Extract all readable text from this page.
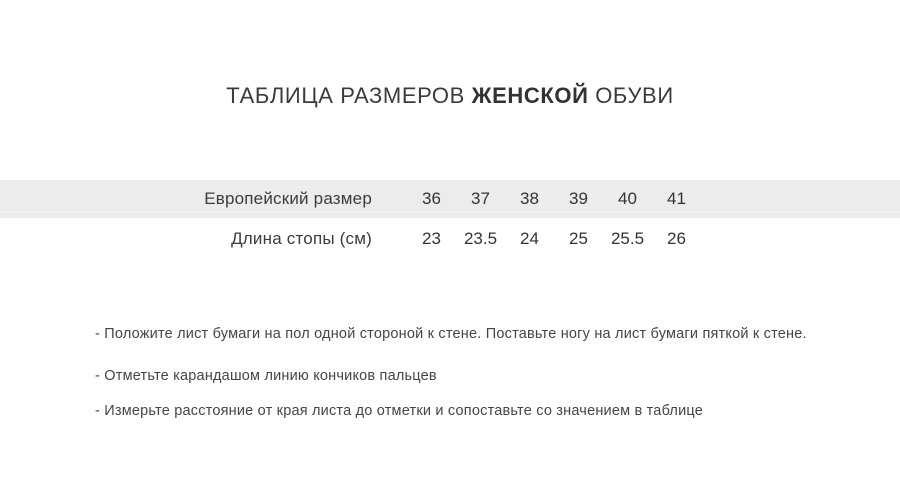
ТАБЛИЦА РАЗМЕРОВ ЖЕНСКОЙ ОБУВИ
Европейский размер	36	37	38	39	40	41
Длина стопы (см)	23	23.5	24	25	25.5	26

- Положите лист бумаги на пол одной стороной к стене. Поставьте ногу на лист бумаги пяткой к стене.

- Отметьте карандашом линию кончиков пальцев

- Измерьте расстояние от края листа до отметки и сопоставьте со значением в таблице
